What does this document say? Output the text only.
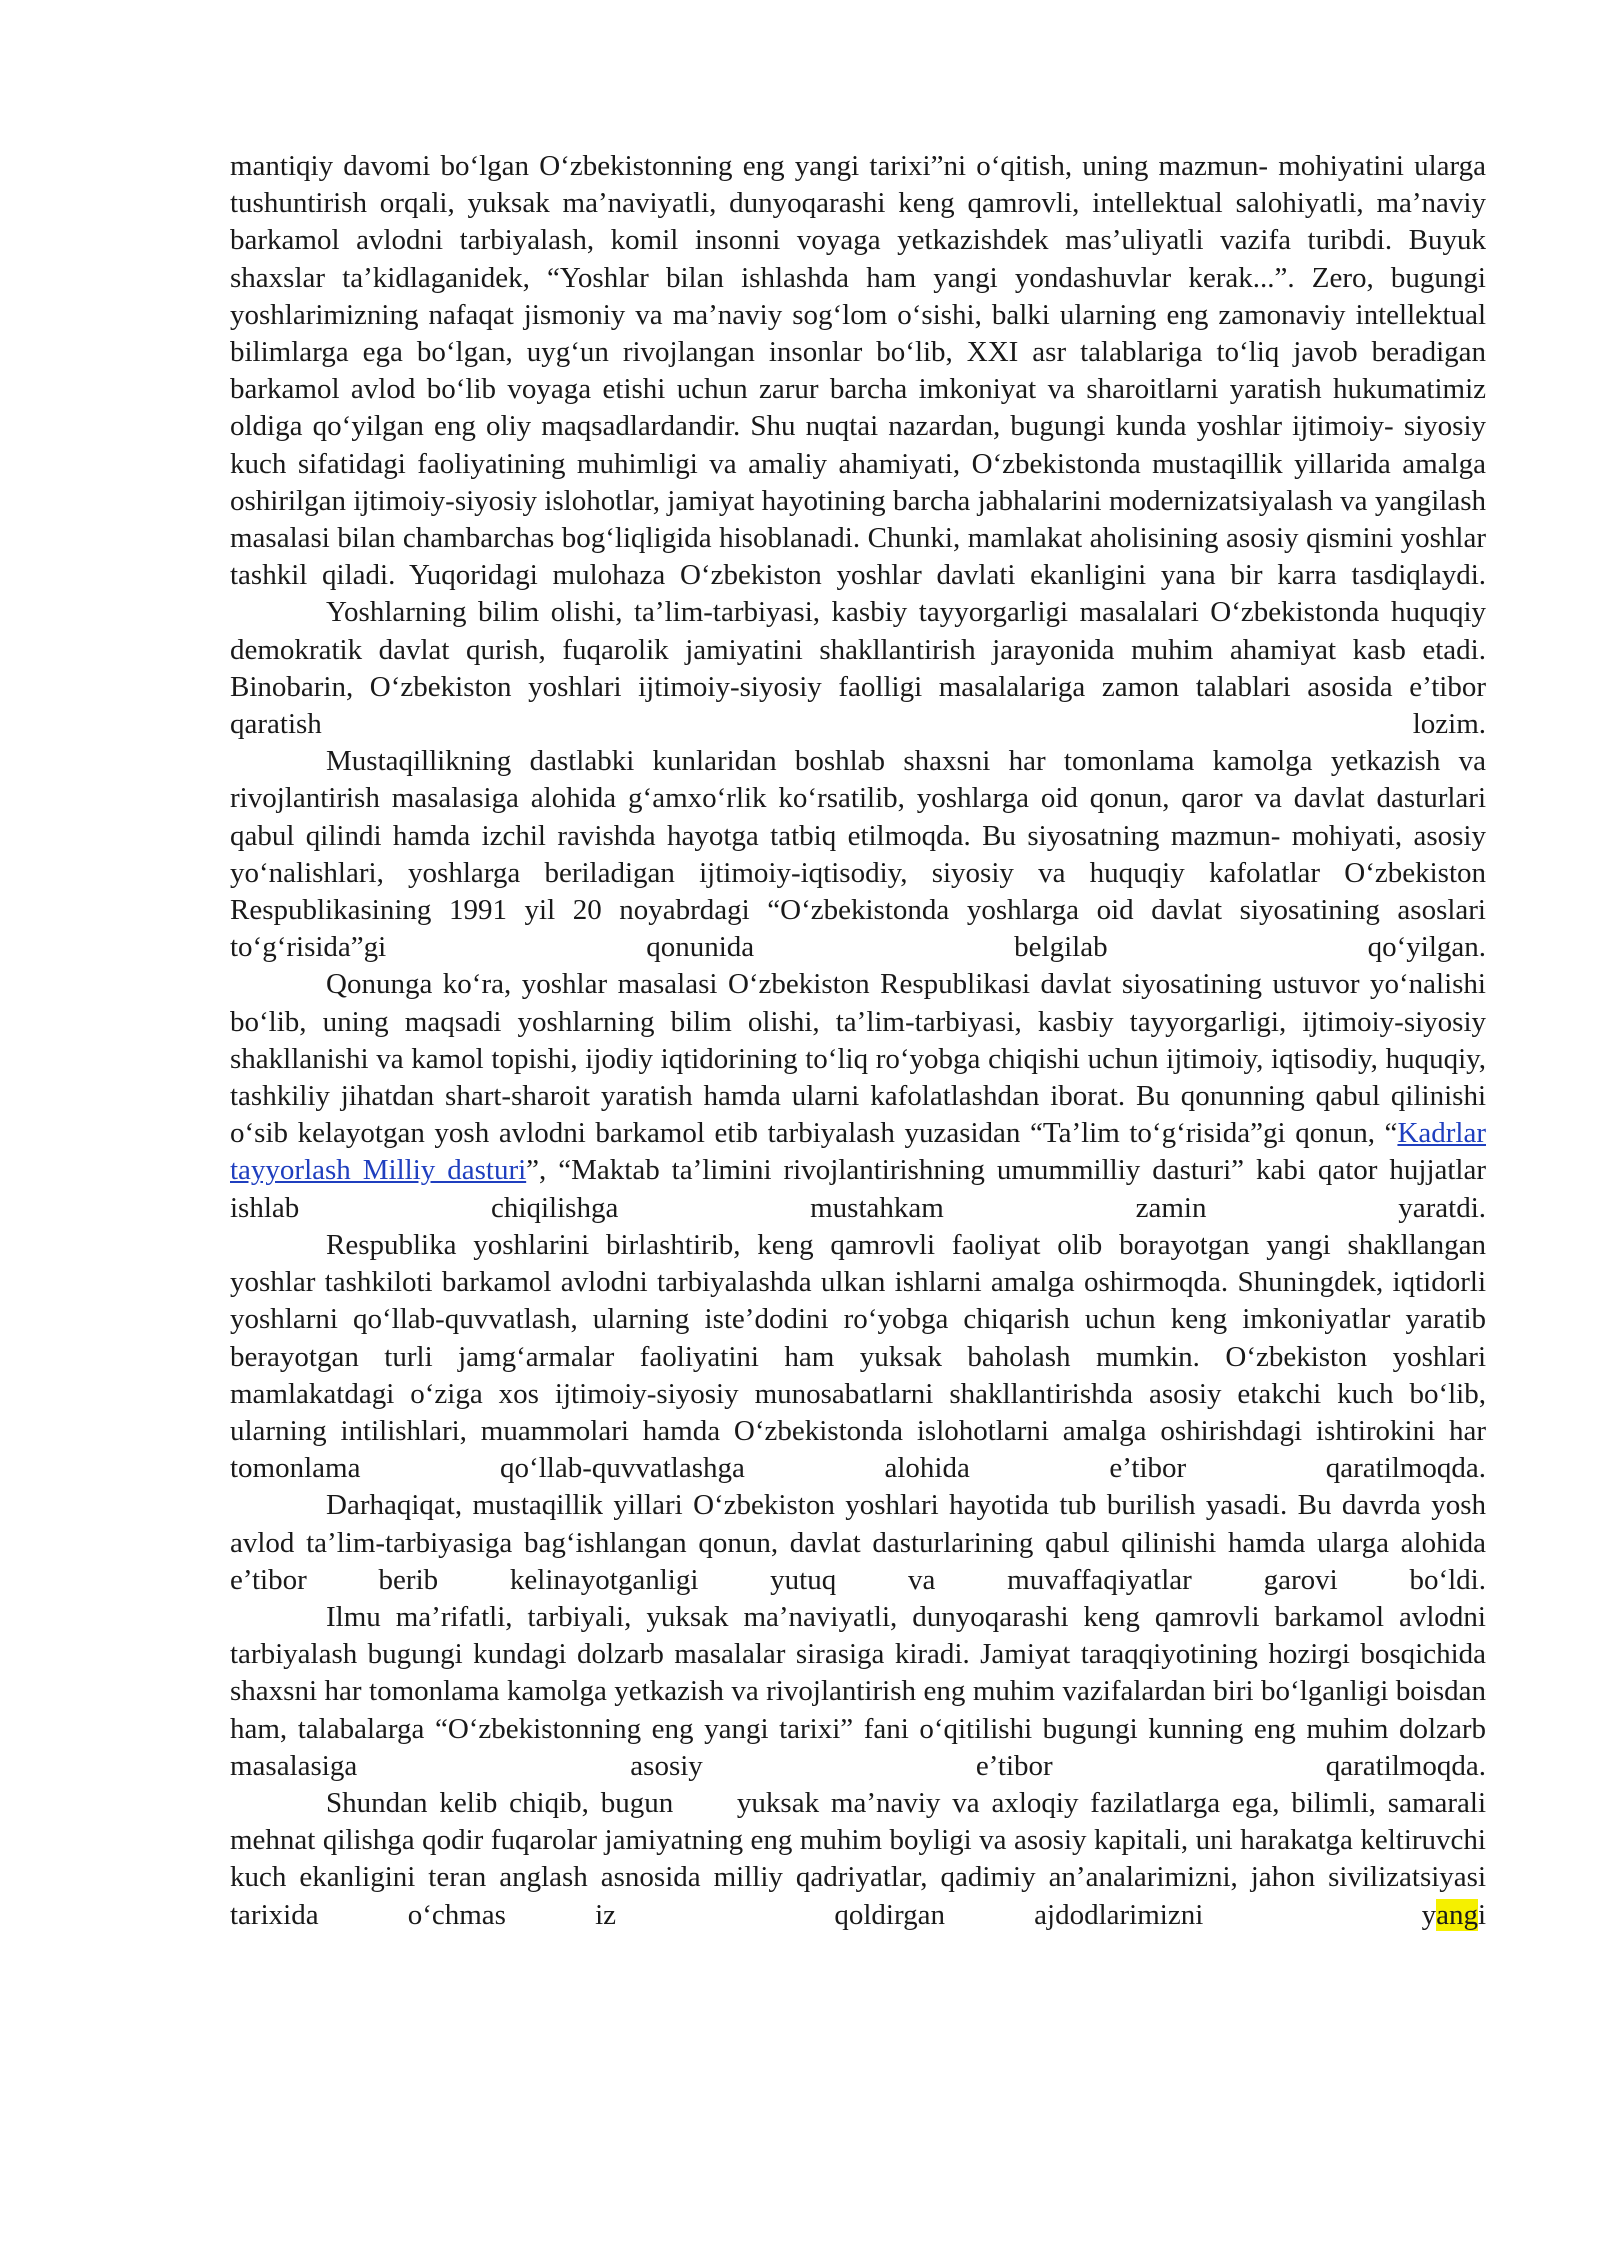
mantiqiy davomi bo‘lgan O‘zbekistonning eng yangi tarixi”ni o‘qitish, uning mazmun- mohiyatini ularga tushuntirish orqali, yuksak ma’naviyatli, dunyoqarashi keng qamrovli, intellektual salohiyatli, ma’naviy barkamol avlodni tarbiyalash, komil insonni voyaga yetkazishdek mas’uliyatli vazifa turibdi. Buyuk shaxslar ta’kidlaganidek, “Yoshlar bilan ishlashda ham yangi yondashuvlar kerak...”. Zero, bugungi yoshlarimizning nafaqat jismoniy va ma’naviy sog‘lom o‘sishi, balki ularning eng zamonaviy intellektual bilimlarga ega bo‘lgan, uyg‘un rivojlangan insonlar bo‘lib, XXI asr talablariga to‘liq javob beradigan barkamol avlod bo‘lib voyaga etishi uchun zarur barcha imkoniyat va sharoitlarni yaratish hukumatimiz oldiga qo‘yilgan eng oliy maqsadlardandir. Shu nuqtai nazardan, bugungi kunda yoshlar ijtimoiy- siyosiy kuch sifatidagi faoliyatining muhimligi va amaliy ahamiyati, O‘zbekistonda mustaqillik yillarida amalga oshirilgan ijtimoiy-siyosiy islohotlar, jamiyat hayotining barcha jabhalarini modernizatsiyalash va yangilash masalasi bilan chambarchas bog‘liqligida hisoblanadi. Chunki, mamlakat aholisining asosiy qismini yoshlar tashkil qiladi. Yuqoridagi mulohaza O‘zbekiston yoshlar davlati ekanligini yana bir karra tasdiqlaydi.

Yoshlarning bilim olishi, ta’lim-tarbiyasi, kasbiy tayyorgarligi masalalari O‘zbekistonda huquqiy demokratik davlat qurish, fuqarolik jamiyatini shakllantirish jarayonida muhim ahamiyat kasb etadi. Binobarin, O‘zbekiston yoshlari ijtimoiy-siyosiy faolligi masalalariga zamon talablari asosida e’tibor qaratish lozim.

Mustaqillikning dastlabki kunlaridan boshlab shaxsni har tomonlama kamolga yetkazish va rivojlantirish masalasiga alohida g‘amxo‘rlik ko‘rsatilib, yoshlarga oid qonun, qaror va davlat dasturlari qabul qilindi hamda izchil ravishda hayotga tatbiq etilmoqda. Bu siyosatning mazmun- mohiyati, asosiy yo‘nalishlari, yoshlarga beriladigan ijtimoiy-iqtisodiy, siyosiy va huquqiy kafolatlar O‘zbekiston Respublikasining 1991 yil 20 noyabrdagi “O‘zbekistonda yoshlarga oid davlat siyosatining asoslari to‘g‘risida”gi qonunida belgilab qo‘yilgan.

Qonunga ko‘ra, yoshlar masalasi O‘zbekiston Respublikasi davlat siyosatining ustuvor yo‘nalishi bo‘lib, uning maqsadi yoshlarning bilim olishi, ta’lim-tarbiyasi, kasbiy tayyorgarligi, ijtimoiy-siyosiy shakllanishi va kamol topishi, ijodiy iqtidorining to‘liq ro‘yobga chiqishi uchun ijtimoiy, iqtisodiy, huquqiy, tashkiliy jihatdan shart-sharoit yaratish hamda ularni kafolatlashdan iborat. Bu qonunning qabul qilinishi o‘sib kelayotgan yosh avlodni barkamol etib tarbiyalash yuzasidan “Ta’lim to‘g‘risida”gi qonun, “Kadrlar tayyorlash Milliy dasturi”, “Maktab ta’limini rivojlantirishning umummilliy dasturi” kabi qator hujjatlar ishlab chiqilishga mustahkam zamin	yaratdi.

Respublika yoshlarini birlashtirib, keng qamrovli faoliyat olib borayotgan yangi shakllangan yoshlar tashkiloti barkamol avlodni tarbiyalashda ulkan ishlarni amalga oshirmoqda. Shuningdek, iqtidorli yoshlarni qo‘llab-quvvatlash, ularning iste’dodini ro‘yobga chiqarish uchun keng imkoniyatlar yaratib berayotgan turli jamg‘armalar faoliyatini ham yuksak baholash mumkin. O‘zbekiston yoshlari mamlakatdagi o‘ziga xos ijtimoiy-siyosiy munosabatlarni shakllantirishda asosiy etakchi kuch bo‘lib, ularning intilishlari, muammolari hamda O‘zbekistonda islohotlarni amalga oshirishdagi ishtirokini har tomonlama qo‘llab-quvvatlashga	alohida e’tibor qaratilmoqda.

Darhaqiqat, mustaqillik yillari O‘zbekiston yoshlari hayotida tub burilish yasadi. Bu davrda yosh avlod ta’lim-tarbiyasiga bag‘ishlangan qonun, davlat dasturlarining qabul qilinishi hamda ularga alohida e’tibor berib kelinayotganligi yutuq va muvaffaqiyatlar garovi bo‘ldi.

Ilmu ma’rifatli, tarbiyali, yuksak ma’naviyatli, dunyoqarashi keng qamrovli barkamol avlodni tarbiyalash bugungi kundagi dolzarb masalalar sirasiga kiradi. Jamiyat taraqqiyotining hozirgi bosqichida shaxsni har tomonlama kamolga yetkazish va rivojlantirish eng muhim vazifalardan biri bo‘lganligi boisdan ham, talabalarga “O‘zbekistonning eng yangi tarixi” fani o‘qitilishi bugungi kunning eng muhim dolzarb masalasiga asosiy e’tibor qaratilmoqda.

Shundan kelib chiqib, bugun yuksak ma’naviy va axloqiy fazilatlarga ega, bilimli, samarali mehnat qilishga qodir fuqarolar jamiyatning eng muhim boyligi va asosiy kapitali, uni harakatga keltiruvchi kuch ekanligini teran anglash asnosida milliy qadriyatlar, qadimiy an’analarimizni, jahon sivilizatsiyasi tarixida o‘chmas iz	qoldirgan ajdodlarimizni	yangi
